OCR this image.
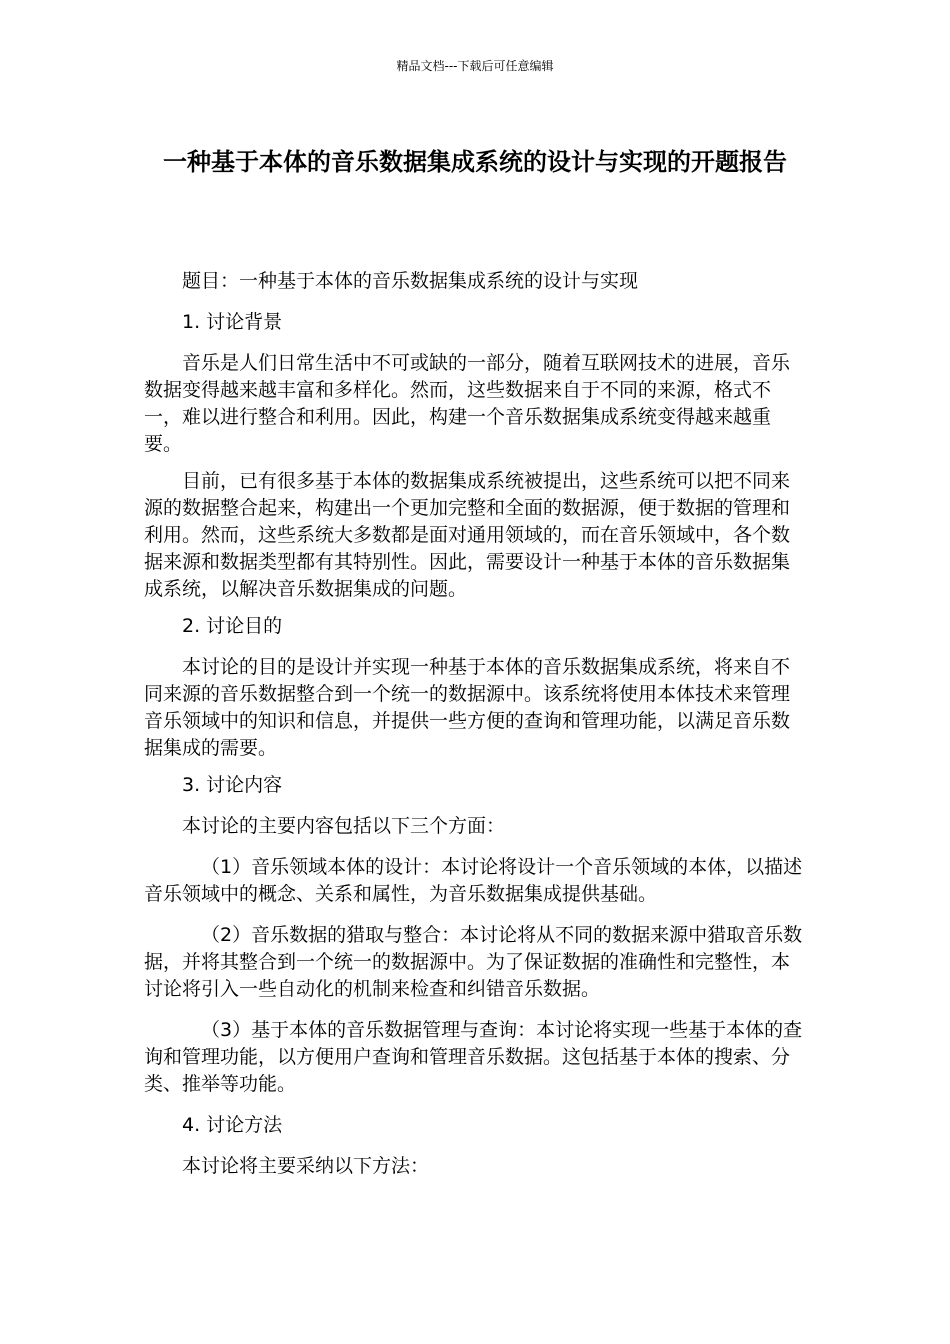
精品文档---下载后可任意编辑
一种基于本体的音乐数据集成系统的设计与实现的开题报告

题目：一种基于本体的音乐数据集成系统的设计与实现

1. 讨论背景

音乐是人们日常生活中不可或缺的一部分，随着互联网技术的进展，音乐数据变得越来越丰富和多样化。然而，这些数据来自于不同的来源，格式不一，难以进行整合和利用。因此，构建一个音乐数据集成系统变得越来越重要。

目前，已有很多基于本体的数据集成系统被提出，这些系统可以把不同来源的数据整合起来，构建出一个更加完整和全面的数据源，便于数据的管理和利用。然而，这些系统大多数都是面对通用领域的，而在音乐领域中，各个数据来源和数据类型都有其特别性。因此，需要设计一种基于本体的音乐数据集成系统，以解决音乐数据集成的问题。

2. 讨论目的

本讨论的目的是设计并实现一种基于本体的音乐数据集成系统，将来自不同来源的音乐数据整合到一个统一的数据源中。该系统将使用本体技术来管理音乐领域中的知识和信息，并提供一些方便的查询和管理功能，以满足音乐数据集成的需要。

3. 讨论内容

本讨论的主要内容包括以下三个方面：

（1）音乐领域本体的设计：本讨论将设计一个音乐领域的本体，以描述音乐领域中的概念、关系和属性，为音乐数据集成提供基础。

（2）音乐数据的猎取与整合：本讨论将从不同的数据来源中猎取音乐数据，并将其整合到一个统一的数据源中。为了保证数据的准确性和完整性，本讨论将引入一些自动化的机制来检查和纠错音乐数据。

（3）基于本体的音乐数据管理与查询：本讨论将实现一些基于本体的查询和管理功能，以方便用户查询和管理音乐数据。这包括基于本体的搜索、分类、推举等功能。

4. 讨论方法

本讨论将主要采纳以下方法：
